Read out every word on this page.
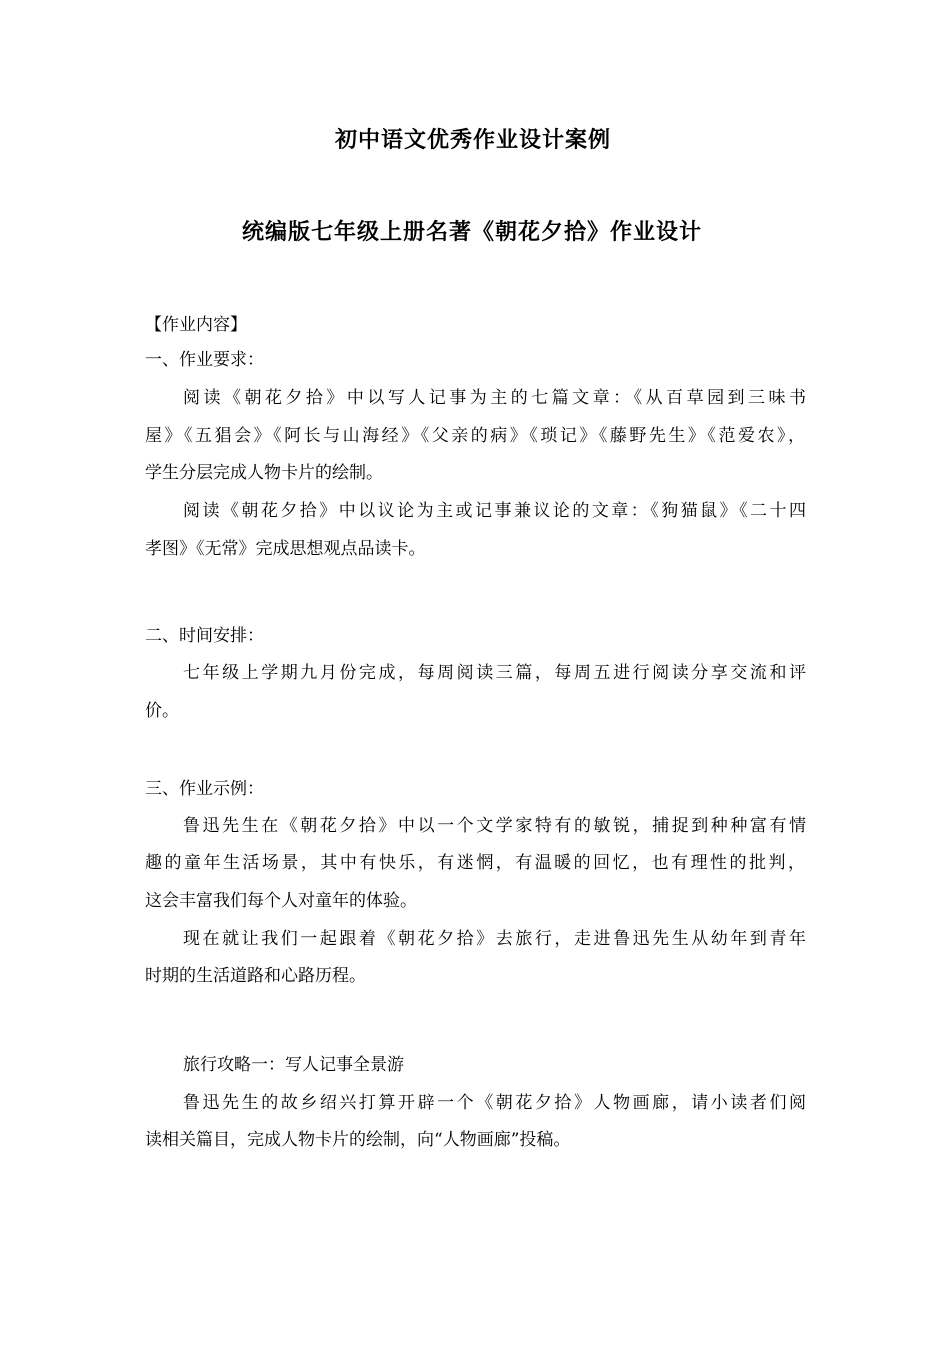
初中语文优秀作业设计案例
统编版七年级上册名著《朝花夕拾》作业设计
【作业内容】
一、作业要求：
阅读《朝花夕拾》中以写人记事为主的七篇文章：《从百草园到三味书
屋》《五猖会》《阿长与山海经》《父亲的病》《琐记》《藤野先生》《范爱农》，
学生分层完成人物卡片的绘制。
阅读《朝花夕拾》中以议论为主或记事兼议论的文章：《狗猫鼠》《二十四
孝图》《无常》完成思想观点品读卡。
二、时间安排：
七年级上学期九月份完成，每周阅读三篇，每周五进行阅读分享交流和评
价。
三、作业示例：
鲁迅先生在《朝花夕拾》中以一个文学家特有的敏锐，捕捉到种种富有情
趣的童年生活场景，其中有快乐，有迷惘，有温暖的回忆，也有理性的批判，
这会丰富我们每个人对童年的体验。
现在就让我们一起跟着《朝花夕拾》去旅行，走进鲁迅先生从幼年到青年
时期的生活道路和心路历程。
旅行攻略一：写人记事全景游
鲁迅先生的故乡绍兴打算开辟一个《朝花夕拾》人物画廊，请小读者们阅
读相关篇目，完成人物卡片的绘制，向“人物画廊”投稿。
